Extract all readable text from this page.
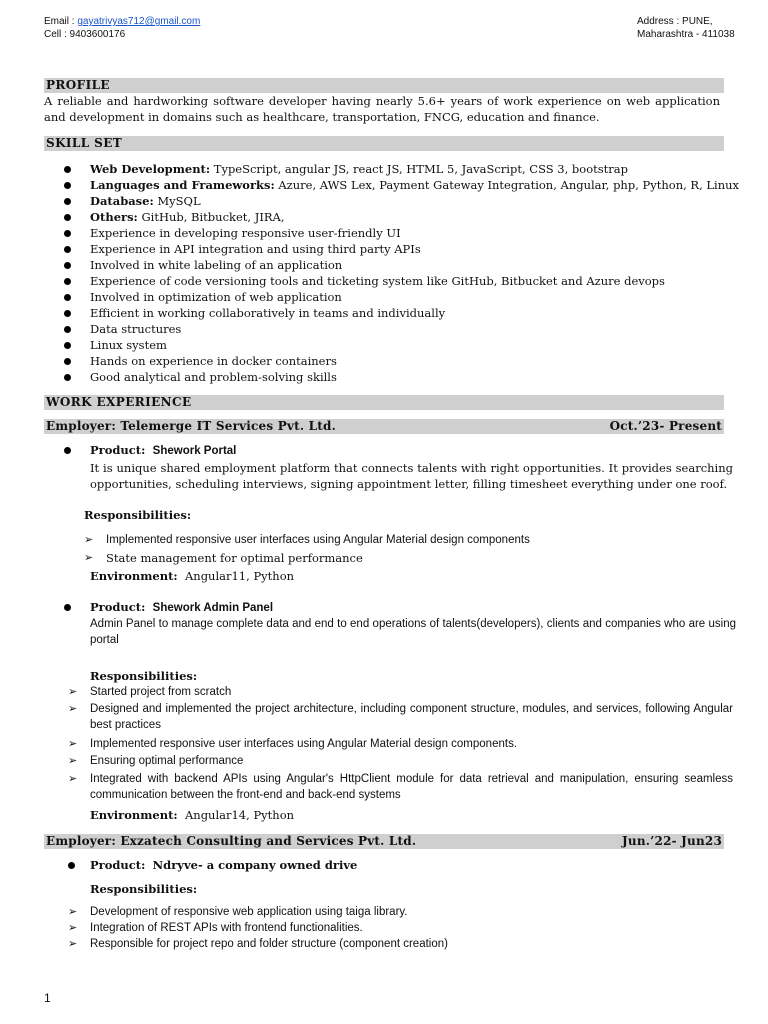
Email : gayatrivyas712@gmail.com
Cell : 9403600176
Address : PUNE,
Maharashtra - 411038
PROFILE
A reliable and hardworking software developer having nearly 5.6+ years of work experience on web application and development in domains such as healthcare, transportation, FNCG, education and finance.
SKILL SET
Web Development: TypeScript, angular JS, react JS, HTML 5, JavaScript, CSS 3, bootstrap
Languages and Frameworks: Azure, AWS Lex, Payment Gateway Integration, Angular, php, Python, R, Linux
Database: MySQL
Others: GitHub, Bitbucket, JIRA,
Experience in developing responsive user-friendly UI
Experience in API integration and using third party APIs
Involved in white labeling of an application
Experience of code versioning tools and ticketing system like GitHub, Bitbucket and Azure devops
Involved in optimization of web application
Efficient in working collaboratively in teams and individually
Data structures
Linux system
Hands on experience in docker containers
Good analytical and problem-solving skills
WORK EXPERIENCE
Employer: Telemerge IT Services Pvt. Ltd.	Oct.’23- Present
Product: Shework Portal
It is unique shared employment platform that connects talents with right opportunities. It provides searching opportunities, scheduling interviews, signing appointment letter, filling timesheet everything under one roof.
Responsibilities:
➢ Implemented responsive user interfaces using Angular Material design components
➢ State management for optimal performance
Environment: Angular11, Python
Product: Shework Admin Panel
Admin Panel to manage complete data and end to end operations of talents(developers), clients and companies who are using portal
Responsibilities:
➢ Started project from scratch
➢ Designed and implemented the project architecture, including component structure, modules, and services, following Angular best practices
➢ Implemented responsive user interfaces using Angular Material design components.
➢ Ensuring optimal performance
➢ Integrated with backend APIs using Angular's HttpClient module for data retrieval and manipulation, ensuring seamless communication between the front-end and back-end systems
Environment: Angular14, Python
Employer: Exzatech Consulting and Services Pvt. Ltd.	Jun.’22- Jun23
Product: Ndryve- a company owned drive
Responsibilities:
➢ Development of responsive web application using taiga library.
➢ Integration of REST APIs with frontend functionalities.
➢ Responsible for project repo and folder structure (component creation)
1
